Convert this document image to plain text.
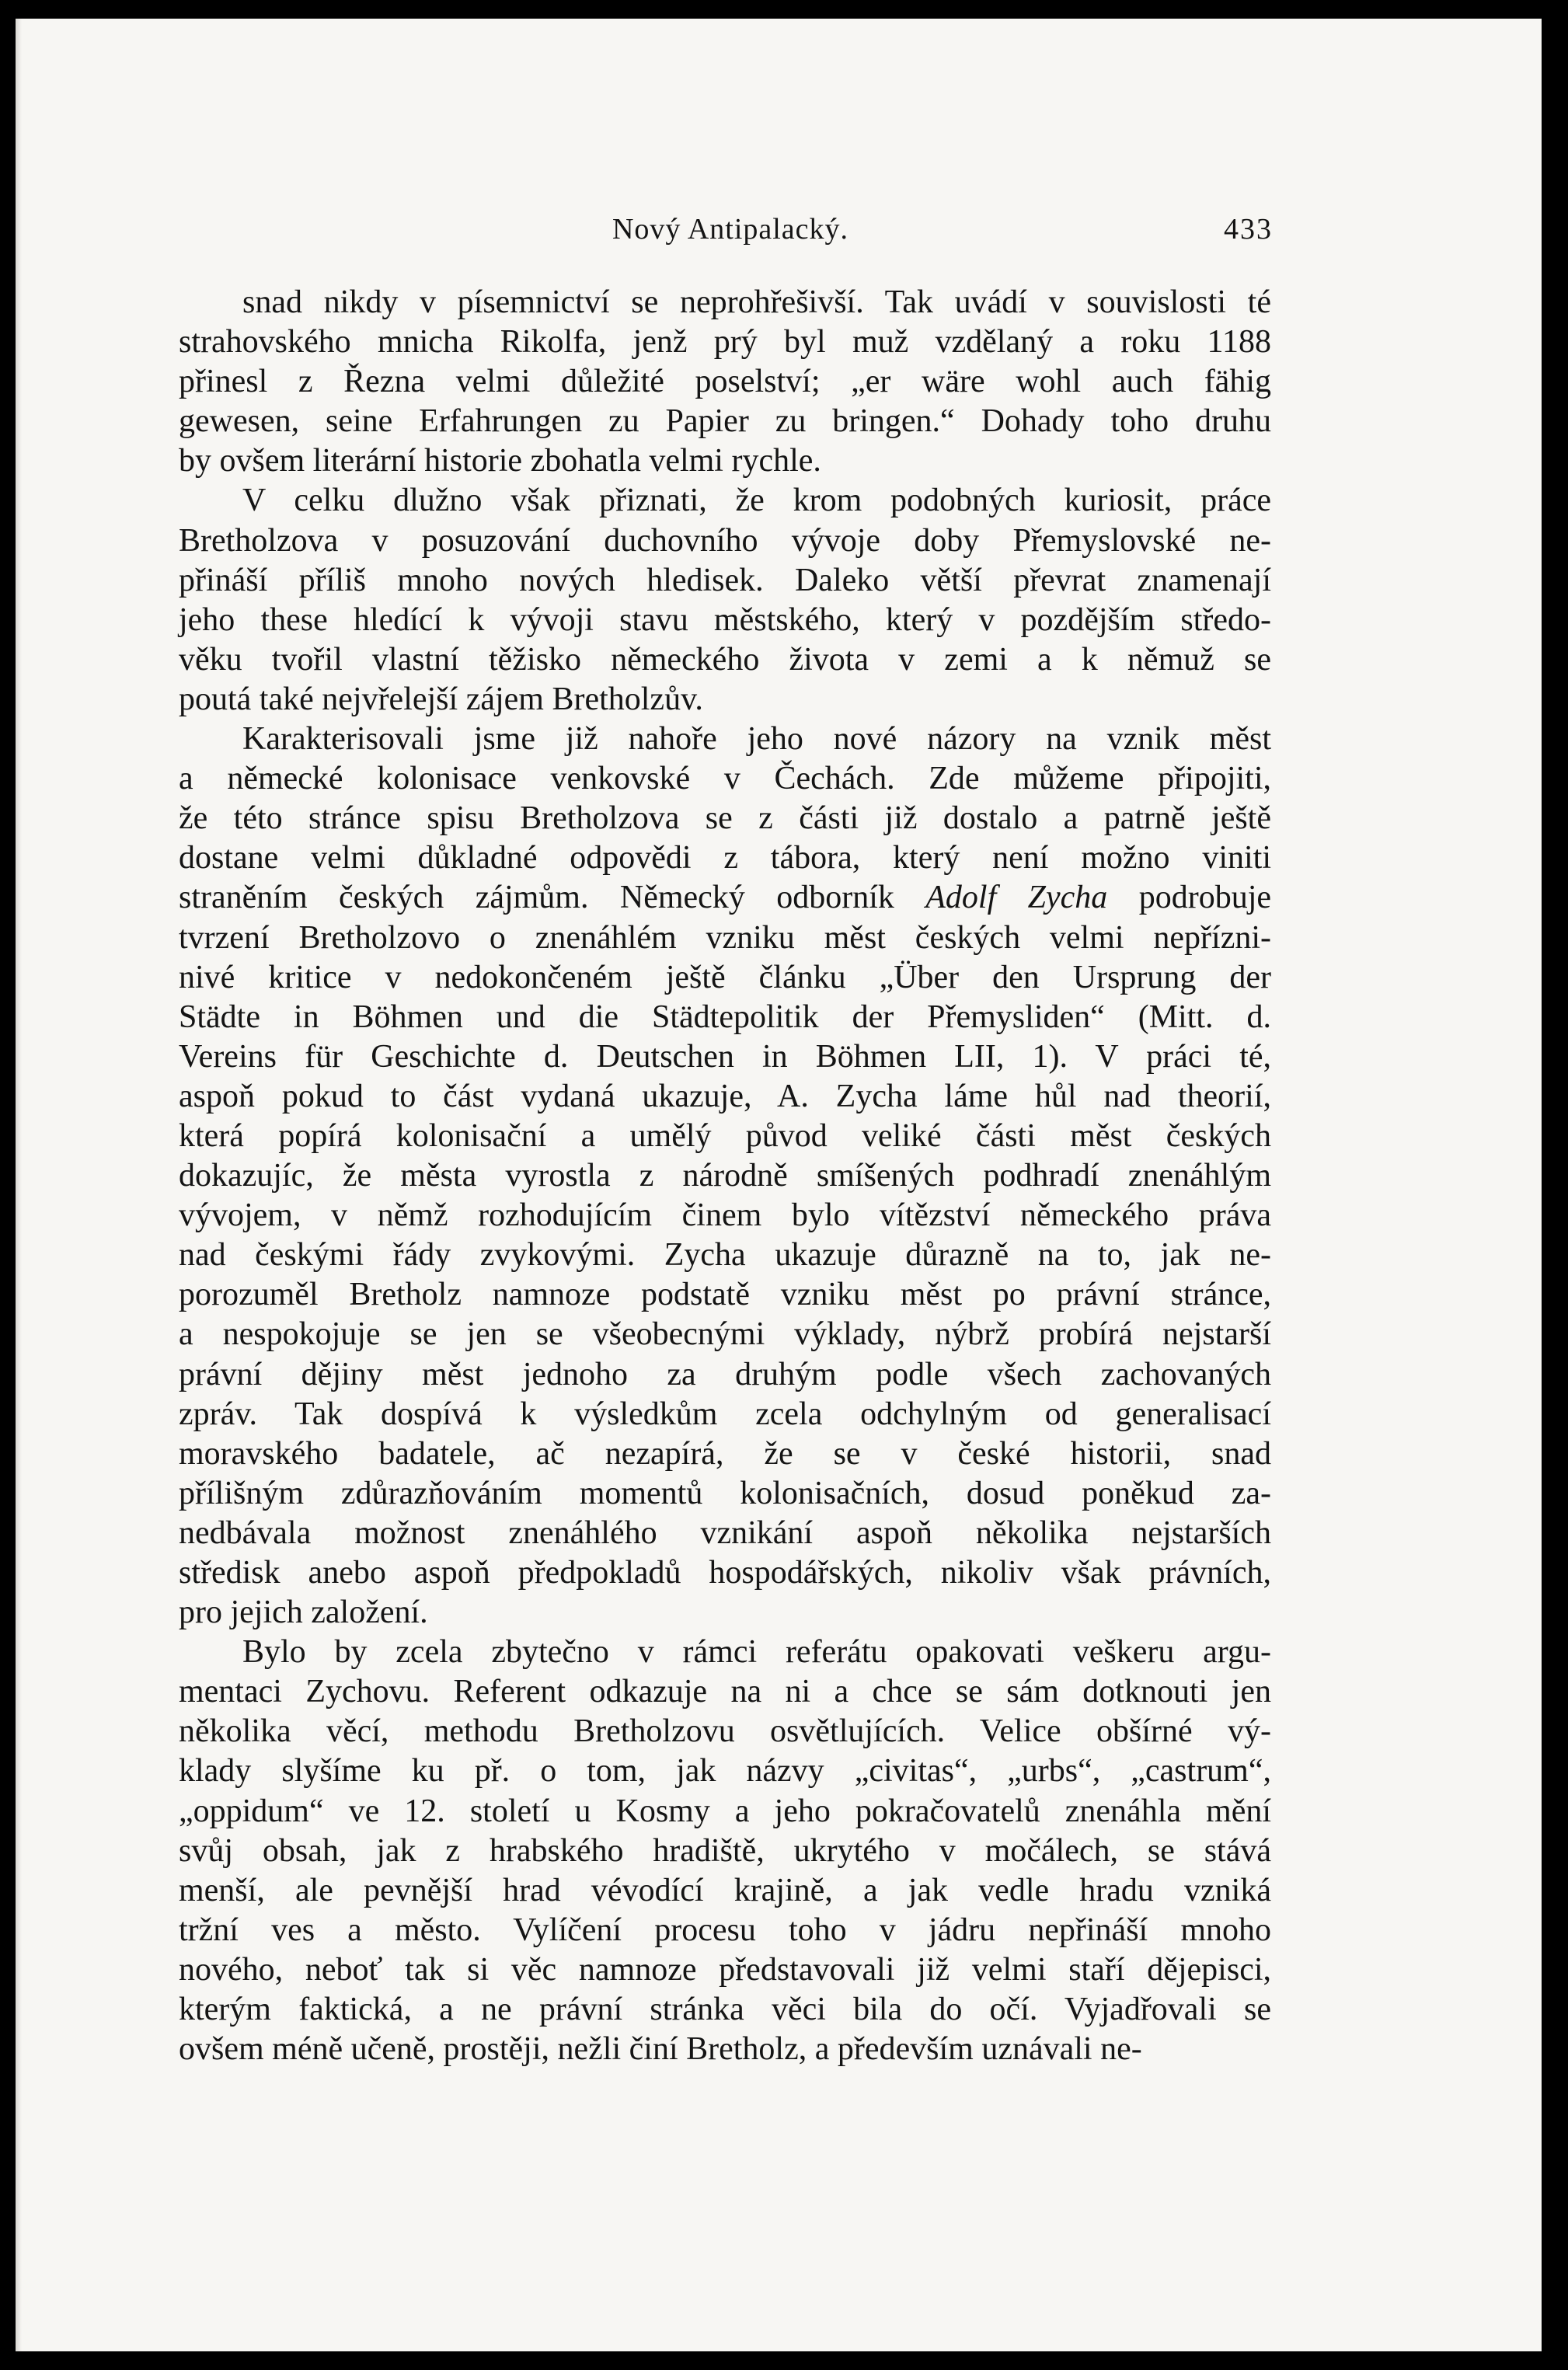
Nový Antipalacký.	433
snad nikdy v písemnictví se neprohřešivší. Tak uvádí v souvislosti té
strahovského mnicha Rikolfa, jenž prý byl muž vzdělaný a roku 1188
přinesl z Řezna velmi důležité poselství; „er wäre wohl auch fähig
gewesen, seine Erfahrungen zu Papier zu bringen.“ Dohady toho druhu
by ovšem literární historie zbohatla velmi rychle.
V celku dlužno však přiznati, že krom podobných kuriosit, práce
Bretholzova v posuzování duchovního vývoje doby Přemyslovské ne-
přináší příliš mnoho nových hledisek. Daleko větší převrat znamenají
jeho these hledící k vývoji stavu městského, který v pozdějším středo-
věku tvořil vlastní těžisko německého života v zemi a k němuž se
poutá také nejvřelejší zájem Bretholzův.
Karakterisovali jsme již nahoře jeho nové názory na vznik měst
a německé kolonisace venkovské v Čechách. Zde můžeme připojiti,
že této stránce spisu Bretholzova se z části již dostalo a patrně ještě
dostane velmi důkladné odpovědi z tábora, který není možno viniti
straněním českých zájmům. Německý odborník Adolf Zycha podrobuje
tvrzení Bretholzovo o znenáhlém vzniku měst českých velmi nepřízni-
nivé kritice v nedokončeném ještě článku „Über den Ursprung der
Städte in Böhmen und die Städtepolitik der Přemysliden“ (Mitt. d.
Vereins für Geschichte d. Deutschen in Böhmen LII, 1). V práci té,
aspoň pokud to část vydaná ukazuje, A. Zycha láme hůl nad theorií,
která popírá kolonisační a umělý původ veliké části měst českých
dokazujíc, že města vyrostla z národně smíšených podhradí znenáhlým
vývojem, v němž rozhodujícím činem bylo vítězství německého práva
nad českými řády zvykovými. Zycha ukazuje důrazně na to, jak ne-
porozuměl Bretholz namnoze podstatě vzniku měst po právní stránce,
a nespokojuje se jen se všeobecnými výklady, nýbrž probírá nejstarší
právní dějiny měst jednoho za druhým podle všech zachovaných
zpráv. Tak dospívá k výsledkům zcela odchylným od generalisací
moravského badatele, ač nezapírá, že se v české historii, snad
přílišným zdůrazňováním momentů kolonisačních, dosud poněkud za-
nedbávala možnost znenáhlého vznikání aspoň několika nejstarších
středisk anebo aspoň předpokladů hospodářských, nikoliv však právních,
pro jejich založení.
Bylo by zcela zbytečno v rámci referátu opakovati veškeru argu-
mentaci Zychovu. Referent odkazuje na ni a chce se sám dotknouti jen
několika věcí, methodu Bretholzovu osvětlujících. Velice obšírné vý-
klady slyšíme ku př. o tom, jak názvy „civitas“, „urbs“, „castrum“,
„oppidum“ ve 12. století u Kosmy a jeho pokračovatelů znenáhla mění
svůj obsah, jak z hrabského hradiště, ukrytého v močálech, se stává
menší, ale pevnější hrad vévodící krajině, a jak vedle hradu vzniká
tržní ves a město. Vylíčení procesu toho v jádru nepřináší mnoho
nového, neboť tak si věc namnoze představovali již velmi staří dějepisci,
kterým faktická, a ne právní stránka věci bila do očí. Vyjadřovali se
ovšem méně učeně, prostěji, nežli činí Bretholz, a především uznávali ne-
